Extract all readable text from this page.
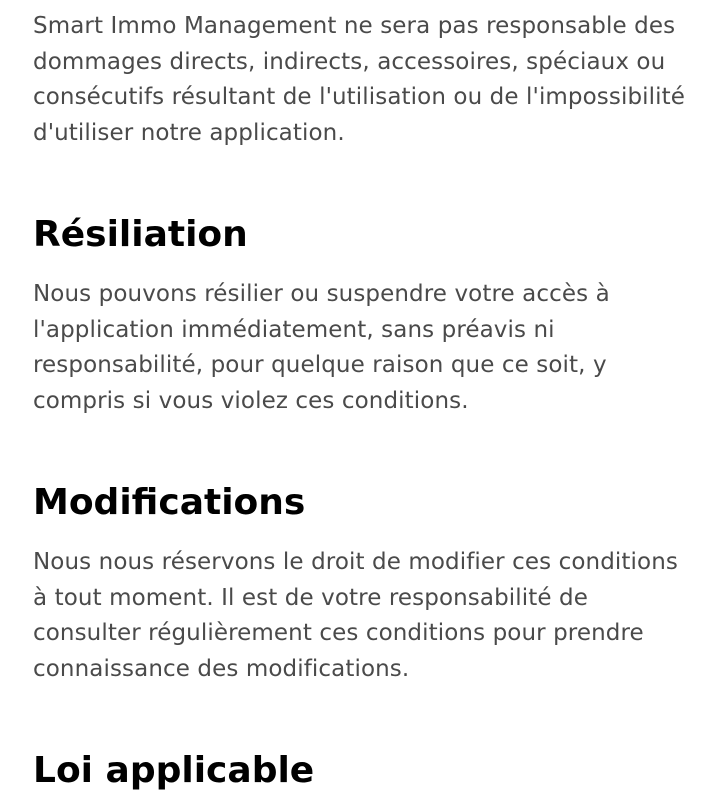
Smart Immo Management ne sera pas responsable des dommages directs, indirects, accessoires, spéciaux ou consécutifs résultant de l'utilisation ou de l'impossibilité d'utiliser notre application.

Résiliation

Nous pouvons résilier ou suspendre votre accès à l'application immédiatement, sans préavis ni responsabilité, pour quelque raison que ce soit, y compris si vous violez ces conditions.

Modifications

Nous nous réservons le droit de modifier ces conditions à tout moment. Il est de votre responsabilité de consulter régulièrement ces conditions pour prendre connaissance des modifications.

Loi applicable
